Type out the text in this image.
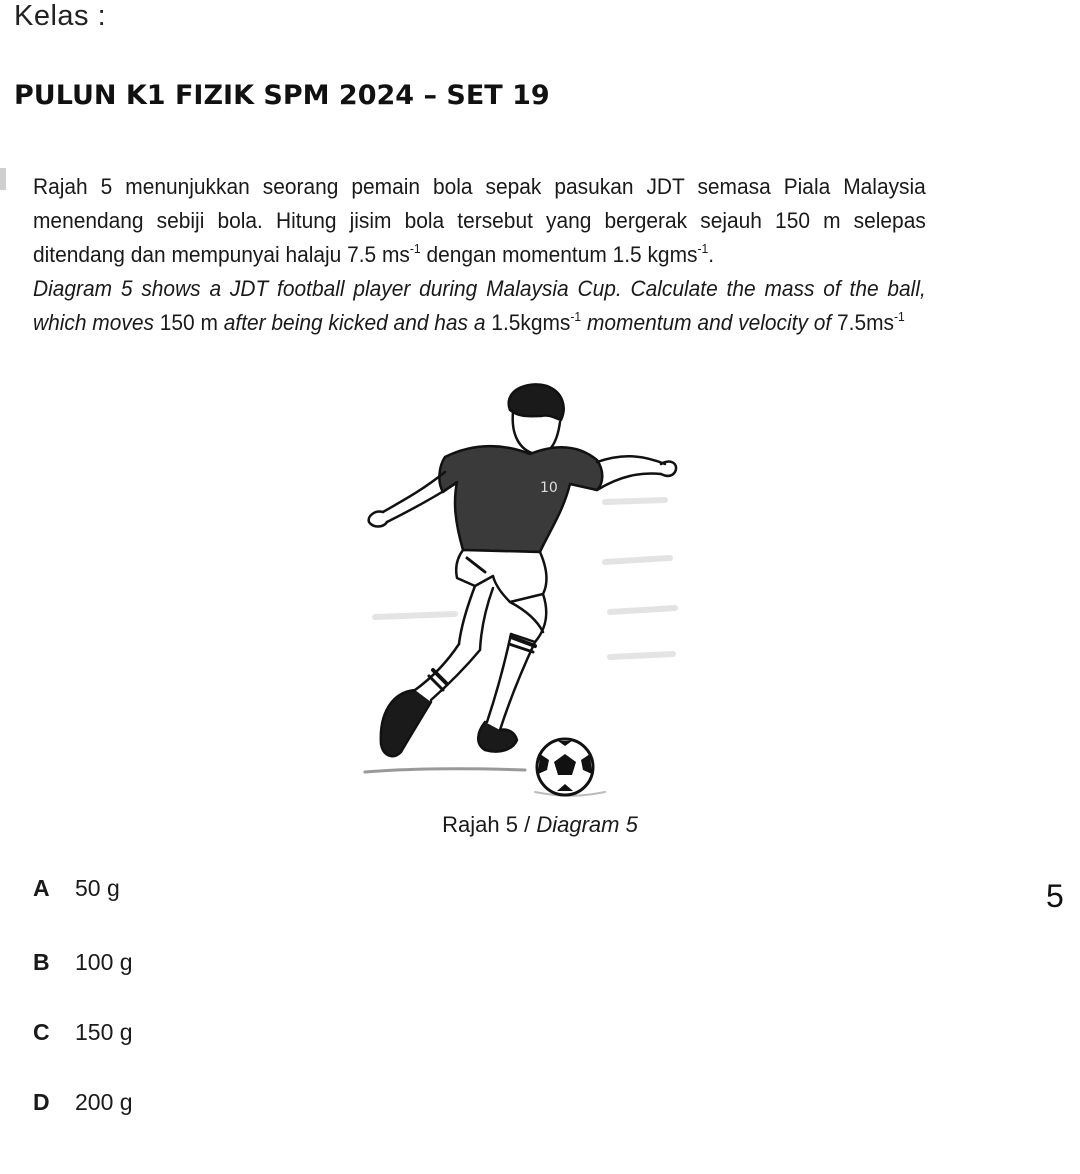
Kelas :
PULUN K1 FIZIK SPM 2024 – SET 19

Rajah 5 menunjukkan seorang pemain bola sepak pasukan JDT semasa Piala Malaysia menendang sebiji bola. Hitung jisim bola tersebut yang bergerak sejauh 150 m selepas ditendang dan mempunyai halaju 7.5 $ms^{-1}$ dengan momentum 1.5 kgms$^{-1}$.

Diagram 5 shows a JDT football player during Malaysia Cup. Calculate the mass of the ball, which moves 150 m after being kicked and has a 1.5kgms$^{-1}$ momentum and velocity of $7.5ms^{-1}$

10
Rajah 5 / Diagram 5
A 50 g
B 100 g
C 150 g
D 200 g
5
